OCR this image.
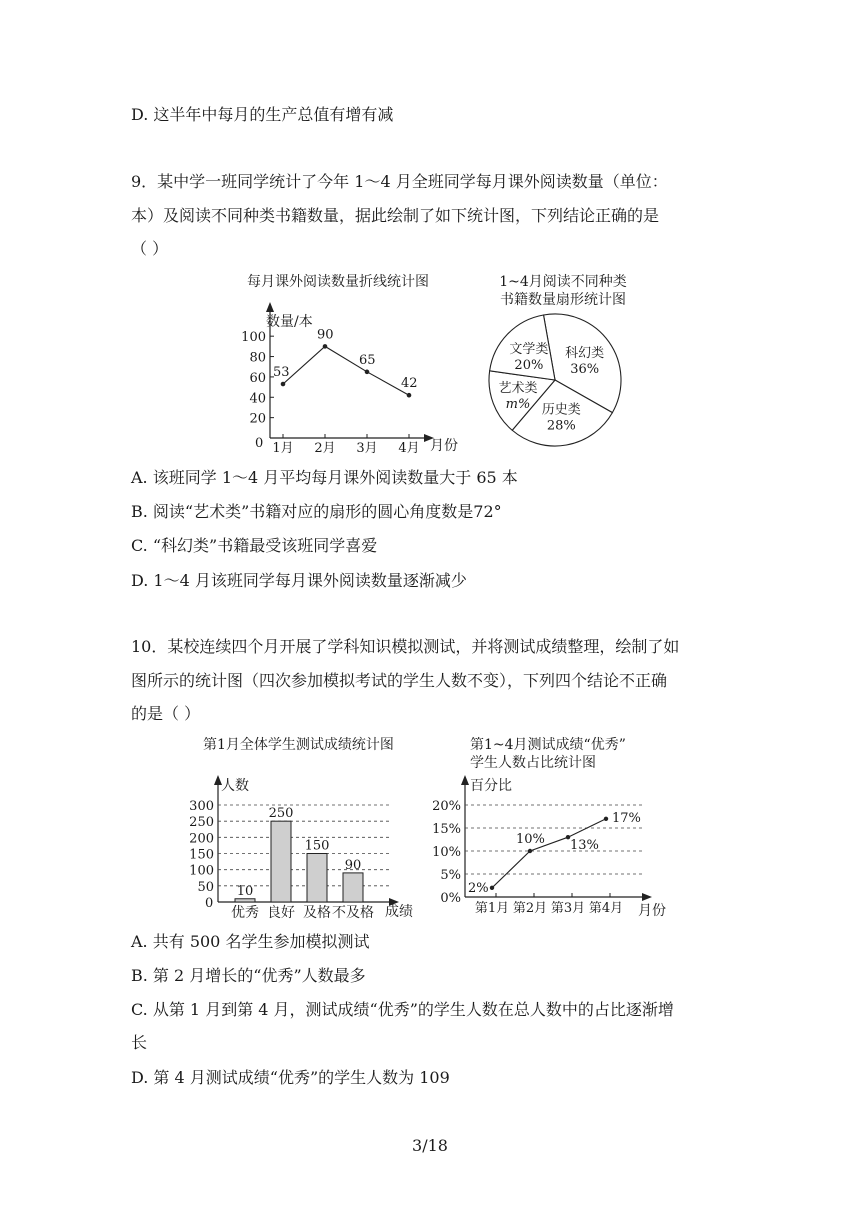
D. 这半年中每月的生产总值有增有减
9．某中学一班同学统计了今年 1～4 月全班同学每月课外阅读数量（单位：
本）及阅读不同种类书籍数量，据此绘制了如下统计图，下列结论正确的是
（ ）
每月课外阅读数量折线统计图
数量/本
月份
0
20
40
60
80
100
1月 2月 3月 4月
53
90
65
42
1~4月阅读不同种类
书籍数量扇形统计图
科幻类
36%
历史类
28%
艺术类
m%
文学类
20%
A. 该班同学 1～4 月平均每月课外阅读数量大于 65 本
B. 阅读“艺术类”书籍对应的扇形的圆心角度数是72°
C. “科幻类”书籍最受该班同学喜爱
D. 1～4 月该班同学每月课外阅读数量逐渐减少
10．某校连续四个月开展了学科知识模拟测试，并将测试成绩整理，绘制了如
图所示的统计图（四次参加模拟考试的学生人数不变），下列四个结论不正确
的是（ ）
第1月全体学生测试成绩统计图
人数
成绩
0
50
100
150
200
250
300
10
优秀
250
良好
150
及格
90
不及格
第1~4月测试成绩“优秀”
学生人数占比统计图
百分比
月份
0%
5%
10%
15%
20%
第1月 第2月 第3月 第4月
2%
10% 13%
17%
A. 共有 500 名学生参加模拟测试
B. 第 2 月增长的“优秀”人数最多
C. 从第 1 月到第 4 月，测试成绩“优秀”的学生人数在总人数中的占比逐渐增
长
D. 第 4 月测试成绩“优秀”的学生人数为 109
3/18
